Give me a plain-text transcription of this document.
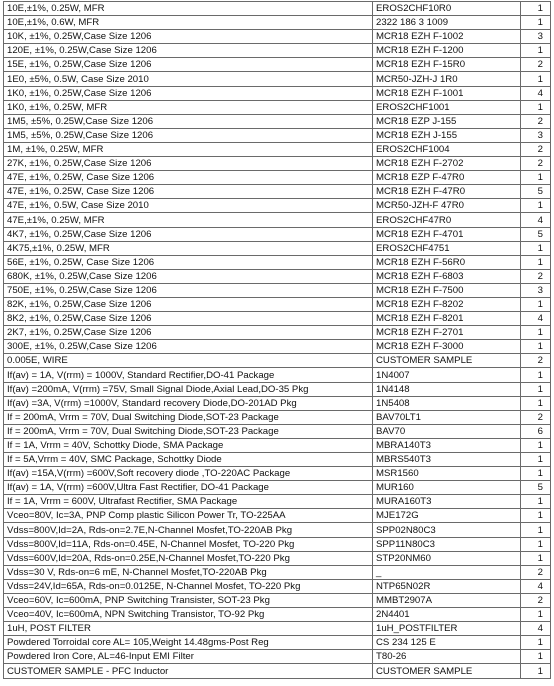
10E,±1%, 0.25W, MFR	EROS2CHF10R0	1
10E,±1%, 0.6W, MFR	2322 186 3 1009	1
10K, ±1%, 0.25W,Case Size 1206	MCR18 EZH F-1002	3
120E, ±1%, 0.25W,Case Size 1206	MCR18 EZH F-1200	1
15E, ±1%, 0.25W,Case Size 1206	MCR18 EZH F-15R0	2
1E0, ±5%, 0.5W, Case Size 2010	MCR50-JZH-J 1R0	1
1K0, ±1%, 0.25W,Case Size 1206	MCR18 EZH F-1001	4
1K0, ±1%, 0.25W, MFR	EROS2CHF1001	1
1M5, ±5%, 0.25W,Case Size 1206	MCR18 EZP J-155	2
1M5, ±5%, 0.25W,Case Size 1206	MCR18 EZH J-155	3
1M, ±1%, 0.25W, MFR	EROS2CHF1004	2
27K, ±1%, 0.25W,Case Size 1206	MCR18 EZH F-2702	2
47E, ±1%, 0.25W, Case Size 1206	MCR18 EZP F-47R0	1
47E, ±1%, 0.25W, Case Size 1206	MCR18 EZH F-47R0	5
47E, ±1%, 0.5W, Case Size 2010	MCR50-JZH-F 47R0	1
47E,±1%, 0.25W, MFR	EROS2CHF47R0	4
4K7, ±1%, 0.25W,Case Size 1206	MCR18 EZH F-4701	5
4K75,±1%, 0.25W, MFR	EROS2CHF4751	1
56E, ±1%, 0.25W, Case Size 1206	MCR18 EZH F-56R0	1
680K, ±1%, 0.25W,Case Size 1206	MCR18 EZH F-6803	2
750E, ±1%, 0.25W,Case Size 1206	MCR18 EZH F-7500	3
82K, ±1%, 0.25W,Case Size 1206	MCR18 EZH F-8202	1
8K2, ±1%, 0.25W,Case Size 1206	MCR18 EZH F-8201	4
2K7, ±1%, 0.25W,Case Size 1206	MCR18 EZH F-2701	1
300E, ±1%, 0.25W,Case Size 1206	MCR18 EZH F-3000	1
0.005E, WIRE	CUSTOMER SAMPLE	2
If(av) = 1A, V(rrm) = 1000V, Standard Rectifier,DO-41 Package	1N4007	1
If(av) =200mA, V(rrm) =75V, Small Signal Diode,Axial Lead,DO-35 Pkg	1N4148	1
If(av) =3A, V(rrm) =1000V, Standard recovery Diode,DO-201AD Pkg	1N5408	1
If = 200mA, Vrrm = 70V, Dual Switching Diode,SOT-23 Package	BAV70LT1	2
If = 200mA, Vrrm = 70V, Dual Switching Diode,SOT-23 Package	BAV70	6
If = 1A, Vrrm = 40V, Schottky Diode, SMA Package	MBRA140T3	1
If = 5A,Vrrm = 40V, SMC Package, Schottky Diode	MBRS540T3	1
If(av) =15A,V(rrm) =600V,Soft recovery diode ,TO-220AC Package	MSR1560	1
If(av) = 1A, V(rrm) =600V,Ultra Fast Rectifier, DO-41 Package	MUR160	5
If = 1A, Vrrm = 600V, Ultrafast Rectifier, SMA Package	MURA160T3	1
Vceo=80V, Ic=3A, PNP Comp plastic Silicon Power Tr, TO-225AA	MJE172G	1
Vdss=800V,Id=2A, Rds-on=2.7E,N-Channel Mosfet,TO-220AB Pkg	SPP02N80C3	1
Vdss=800V,Id=11A, Rds-on=0.45E, N-Channel Mosfet, TO-220 Pkg	SPP11N80C3	1
Vdss=600V,Id=20A, Rds-on=0.25E,N-Channel Mosfet,TO-220 Pkg	STP20NM60	1
Vdss=30 V, Rds-on=6 mE, N-Channel Mosfet,TO-220AB Pkg	_	2
Vdss=24V,Id=65A, Rds-on=0.0125E, N-Channel Mosfet, TO-220 Pkg	NTP65N02R	4
Vceo=60V, Ic=600mA, PNP Switching Transister, SOT-23 Pkg	MMBT2907A	2
Vceo=40V, Ic=600mA, NPN Switching Transistor, TO-92 Pkg	2N4401	1
1uH, POST FILTER	1uH_POSTFILTER	4
Powdered Torroidal core AL= 105,Weight 14.48gms-Post Reg	CS 234 125 E	1
Powdered Iron Core, AL=46-Input EMI Filter	T80-26	1
CUSTOMER SAMPLE - PFC Inductor	CUSTOMER SAMPLE	1
